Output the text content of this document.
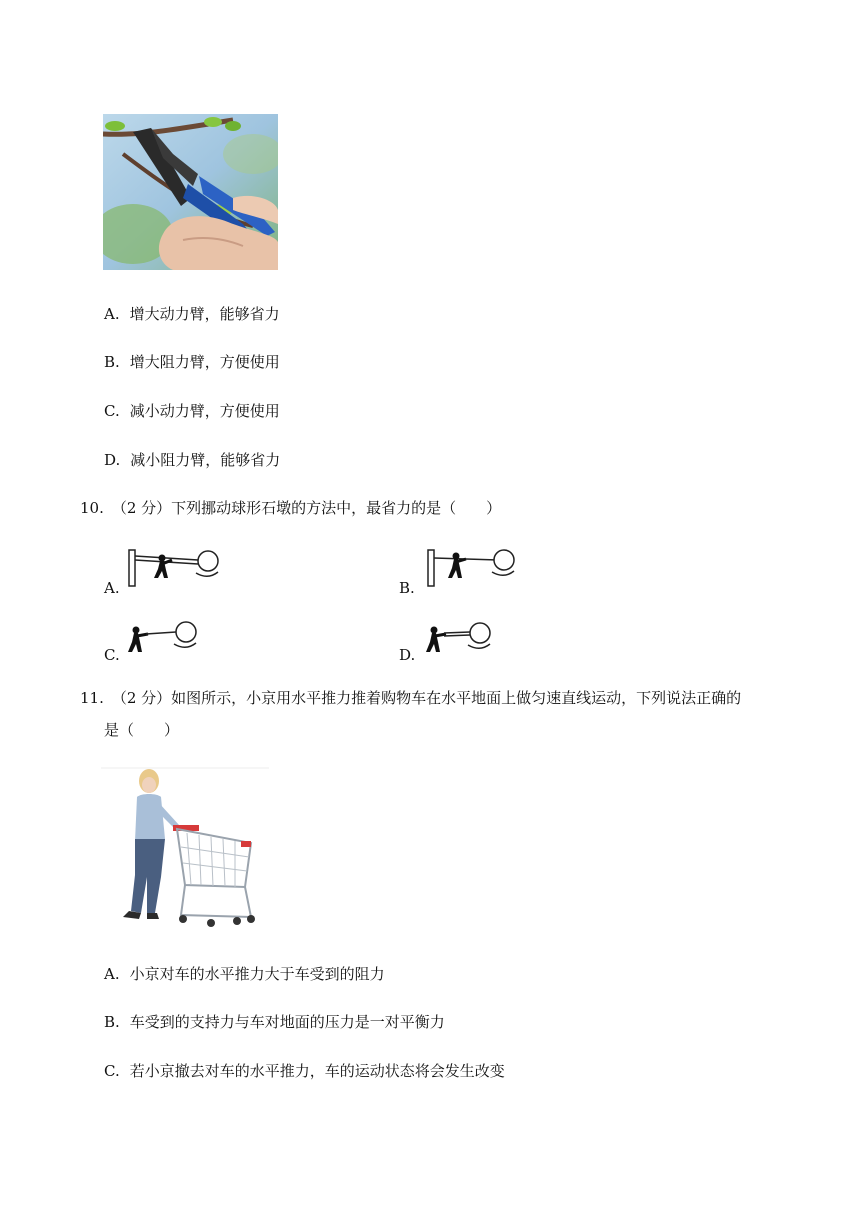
A. 增大动力臂，能够省力
B. 增大阻力臂，方便使用
C. 减小动力臂，方便使用
D. 减小阻力臂，能够省力
10. （2 分）下列挪动球形石墩的方法中，最省力的是（　　）
A.	B.
C.	D.
11. （2 分）如图所示，小京用水平推力推着购物车在水平地面上做匀速直线运动，下列说法正确的
是（　　）
A. 小京对车的水平推力大于车受到的阻力
B. 车受到的支持力与车对地面的压力是一对平衡力
C. 若小京撤去对车的水平推力，车的运动状态将会发生改变
